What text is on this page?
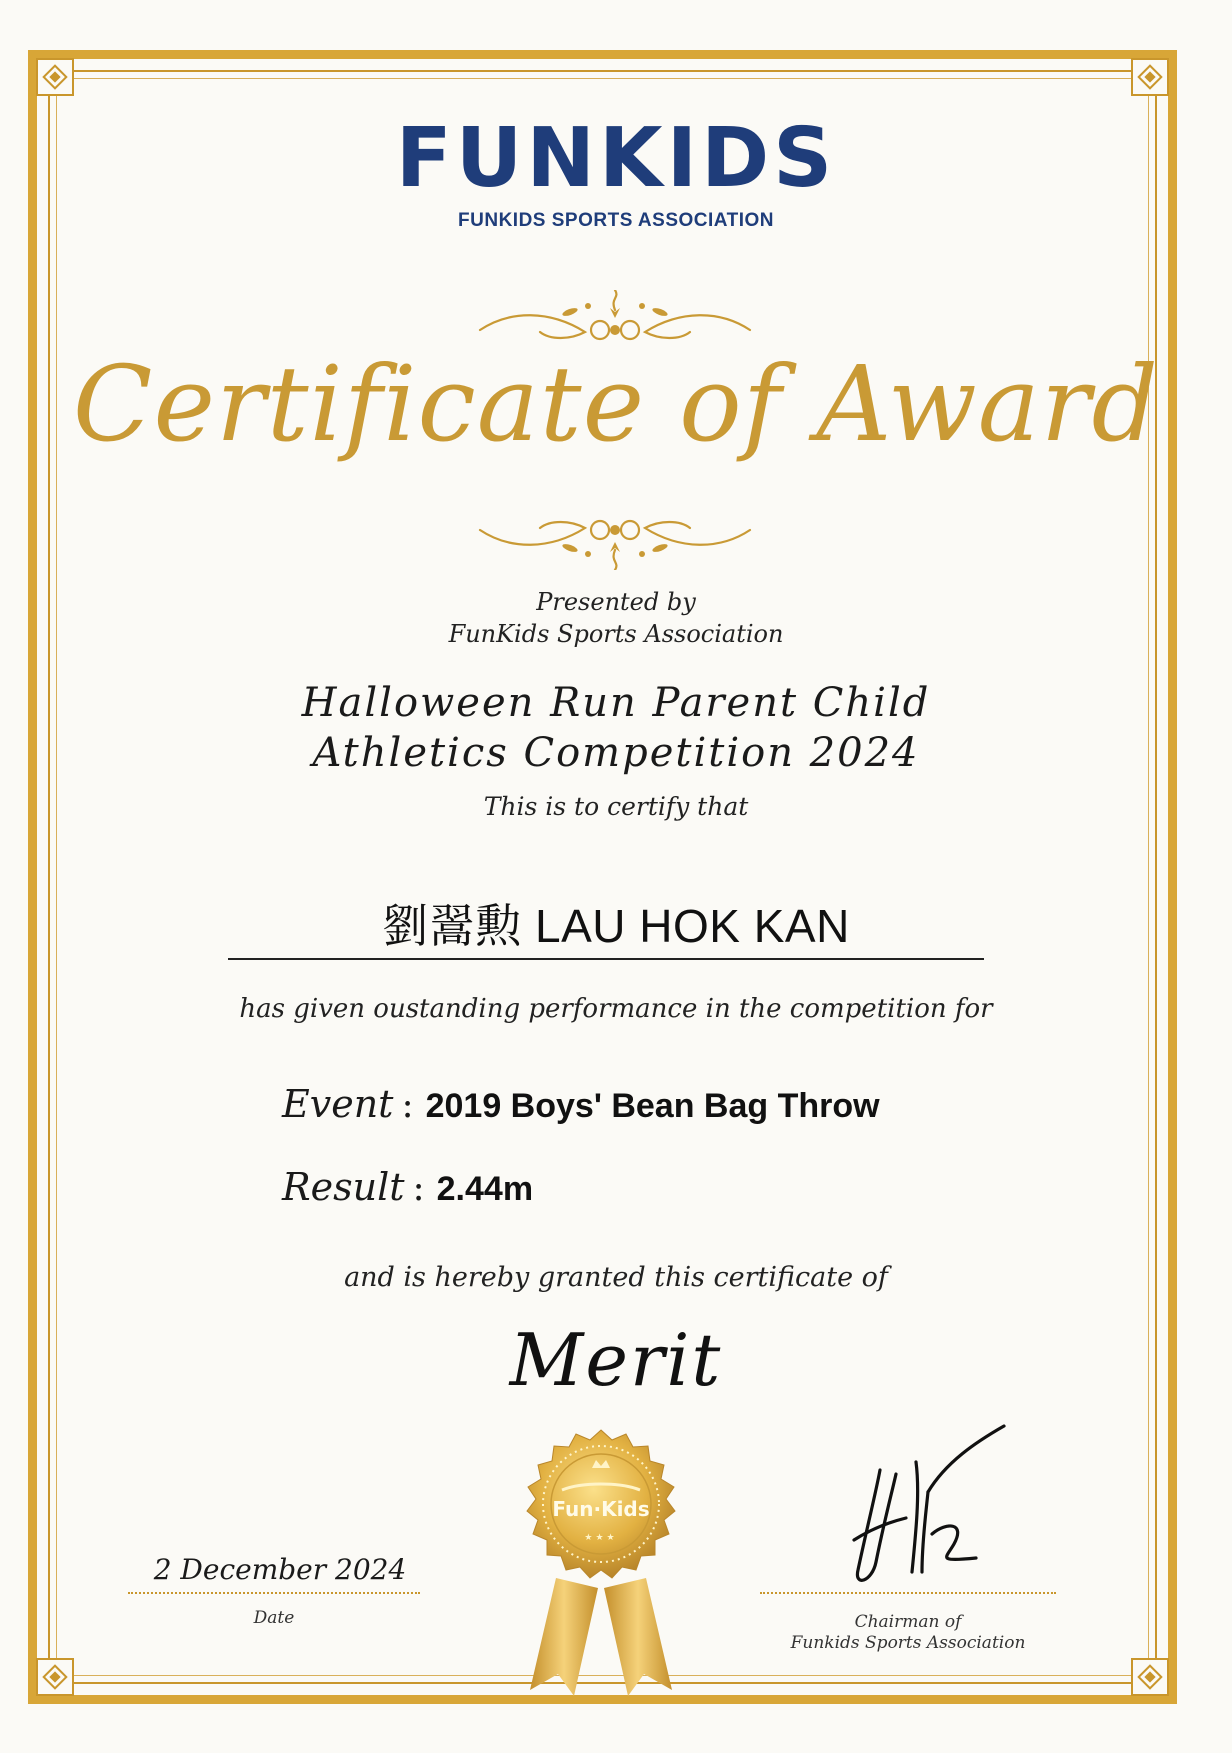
FUNKIDS
FUNKIDS SPORTS ASSOCIATION
Certificate of Award
Presented by
FunKids Sports Association
Halloween Run Parent Child
Athletics Competition 2024
This is to certify that
劉翯勲 LAU HOK KAN
has given oustanding performance in the competition for
Event : 2019 Boys' Bean Bag Throw
Result : 2.44m
and is hereby granted this certificate of
Merit
2 December 2024
Date
Fun·Kids
★★★
Chairman of
Funkids Sports Association
